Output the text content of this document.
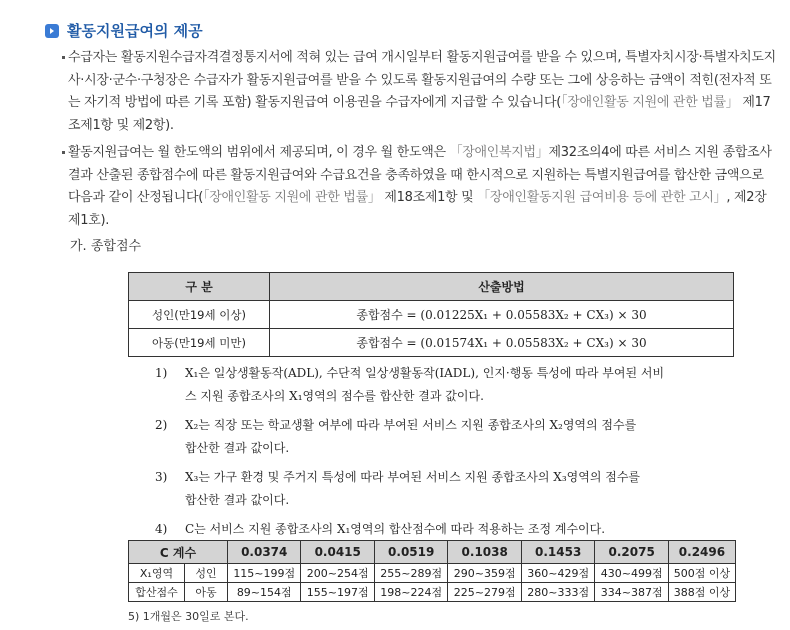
활동지원급여의 제공
수급자는 활동지원수급자격결정통지서에 적혀 있는 급여 개시일부터 활동지원급여를 받을 수 있으며, 특별자치시장·특별자치도지사·시장·군수·구청장은 수급자가 활동지원급여를 받을 수 있도록 활동지원급여의 수량 또는 그에 상응하는 금액이 적힌(전자적 또는 자기적 방법에 따른 기록 포함) 활동지원급여 이용권을 수급자에게 지급할 수 있습니다(「장애인활동 지원에 관한 법률」 제17조제1항 및 제2항).
활동지원급여는 월 한도액의 범위에서 제공되며, 이 경우 월 한도액은 「장애인복지법」제32조의4에 따른 서비스 지원 종합조사 결과 산출된 종합점수에 따른 활동지원급여와 수급요건을 충족하였을 때 한시적으로 지원하는 특별지원급여를 합산한 금액으로 다음과 같이 산정됩니다(「장애인활동 지원에 관한 법률」 제18조제1항 및 「장애인활동지원 급여비용 등에 관한 고시」, 제2장제1호).
가. 종합점수
구 분	산출방법
성인(만19세 이상)	종합점수 = (0.01225X₁ + 0.05583X₂ + CX₃) × 30
아동(만19세 미만)	종합점수 = (0.01574X₁ + 0.05583X₂ + CX₃) × 30
1) X₁은 일상생활동작(ADL), 수단적 일상생활동작(IADL), 인지·행동 특성에 따라 부여된 서비
스 지원 종합조사의 X₁영역의 점수를 합산한 결과 값이다.
2) X₂는 직장 또는 학교생활 여부에 따라 부여된 서비스 지원 종합조사의 X₂영역의 점수를
합산한 결과 값이다.
3) X₃는 가구 환경 및 주거지 특성에 따라 부여된 서비스 지원 종합조사의 X₃영역의 점수를
합산한 결과 값이다.
4) C는 서비스 지원 종합조사의 X₁영역의 합산점수에 따라 적용하는 조정 계수이다.
C 계수		0.0374	0.0415	0.0519	0.1038	0.1453	0.2075	0.2496
X₁영역	성인	115~199점	200~254점	255~289점	290~359점	360~429점	430~499점	500점 이상
합산점수	아동	89~154점	155~197점	198~224점	225~279점	280~333점	334~387점	388점 이상
5) 1개월은 30일로 본다.
